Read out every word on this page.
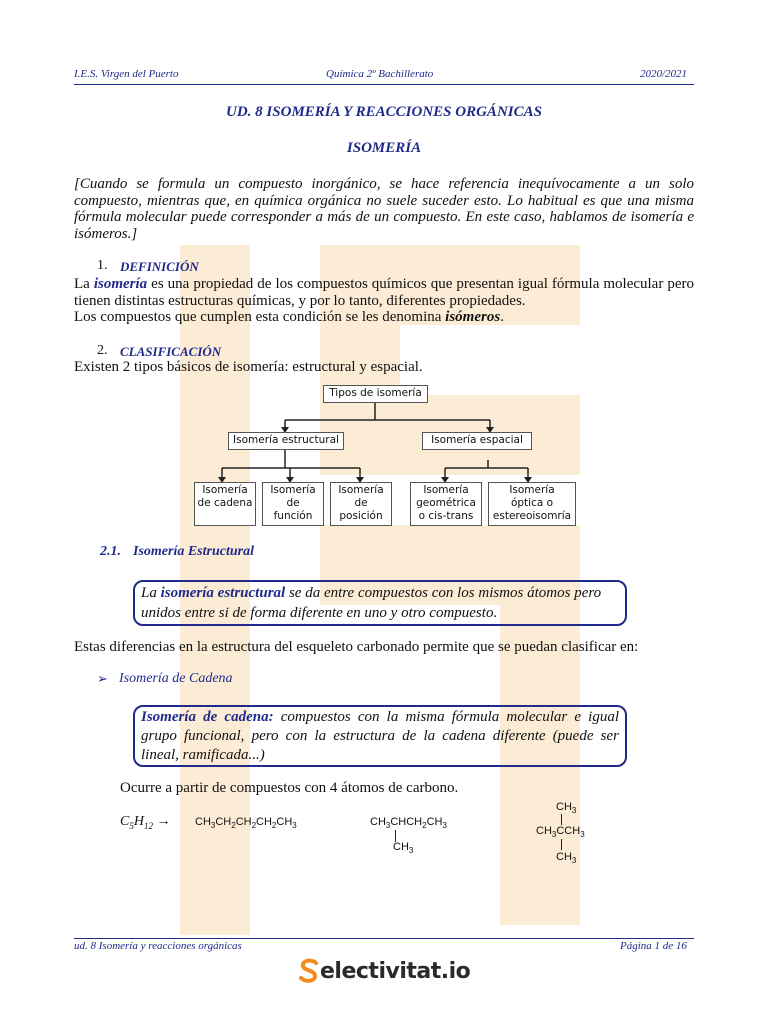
I.E.S. Virgen del Puerto	Química 2º Bachillerato	2020/2021
UD. 8 ISOMERÍA Y REACCIONES ORGÁNICAS
ISOMERÍA
[Cuando se formula un compuesto inorgánico, se hace referencia inequívocamente a un solo compuesto, mientras que, en química orgánica no suele suceder esto. Lo habitual es que una misma fórmula molecular puede corresponder a más de un compuesto. En este caso, hablamos de isomería e isómeros.]
1. DEFINICIÓN
La isomería es una propiedad de los compuestos químicos que presentan igual fórmula molecular pero tienen distintas estructuras químicas, y por lo tanto, diferentes propiedades.
Los compuestos que cumplen esta condición se les denomina isómeros.
2. CLASIFICACIÓN
Existen 2 tipos básicos de isomería: estructural y espacial.
Tipos de isomería
Isomería estructural	Isomería espacial
Isomería
de cadena
Isomería
de
función
Isomería
de
posición
Isomería
geométrica
o cis-trans
Isomería
óptica o
estereoisomría
2.1. Isomería Estructural
La isomería estructural se da entre compuestos con los mismos átomos pero unidos entre si de forma diferente en uno y otro compuesto.
Estas diferencias en la estructura del esqueleto carbonado permite que se puedan clasificar en:
➢ Isomería de Cadena
Isomería de cadena: compuestos con la misma fórmula molecular e igual grupo funcional, pero con la estructura de la cadena diferente (puede ser lineal, ramificada...)
Ocurre a partir de compuestos con 4 átomos de carbono.
$C_5H_{12} \to CH_3CH_2CH_2CH_2CH_3$	$CH_3CHCH_2CH_3$
$CH_3$
$CH_3$
$CH_3CCH_3$
$CH_3$
ud. 8 Isomería y reacciones orgánicas	Página 1 de 16
electivitat.io
